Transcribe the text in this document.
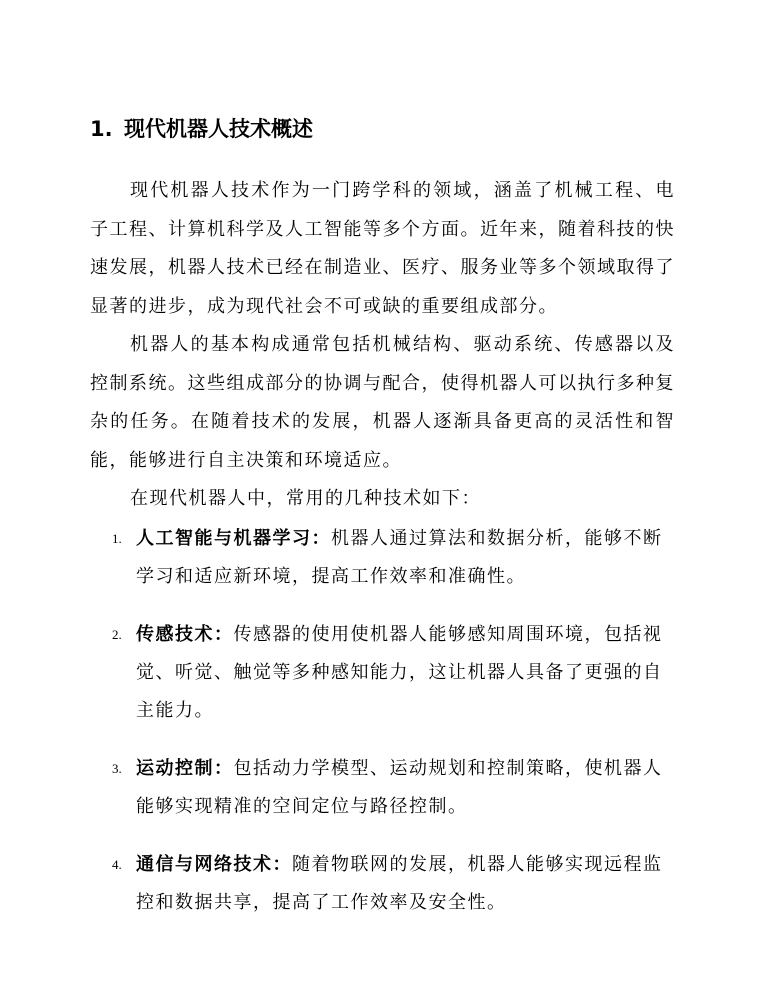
1. 现代机器人技术概述

现代机器人技术作为一门跨学科的领域，涵盖了机械工程、电子工程、计算机科学及人工智能等多个方面。近年来，随着科技的快速发展，机器人技术已经在制造业、医疗、服务业等多个领域取得了显著的进步，成为现代社会不可或缺的重要组成部分。

机器人的基本构成通常包括机械结构、驱动系统、传感器以及控制系统。这些组成部分的协调与配合，使得机器人可以执行多种复杂的任务。在随着技术的发展，机器人逐渐具备更高的灵活性和智能，能够进行自主决策和环境适应。

在现代机器人中，常用的几种技术如下：

1. 人工智能与机器学习：机器人通过算法和数据分析，能够不断学习和适应新环境，提高工作效率和准确性。
2. 传感技术：传感器的使用使机器人能够感知周围环境，包括视觉、听觉、触觉等多种感知能力，这让机器人具备了更强的自主能力。
3. 运动控制：包括动力学模型、运动规划和控制策略，使机器人能够实现精准的空间定位与路径控制。
4. 通信与网络技术：随着物联网的发展，机器人能够实现远程监控和数据共享，提高了工作效率及安全性。
